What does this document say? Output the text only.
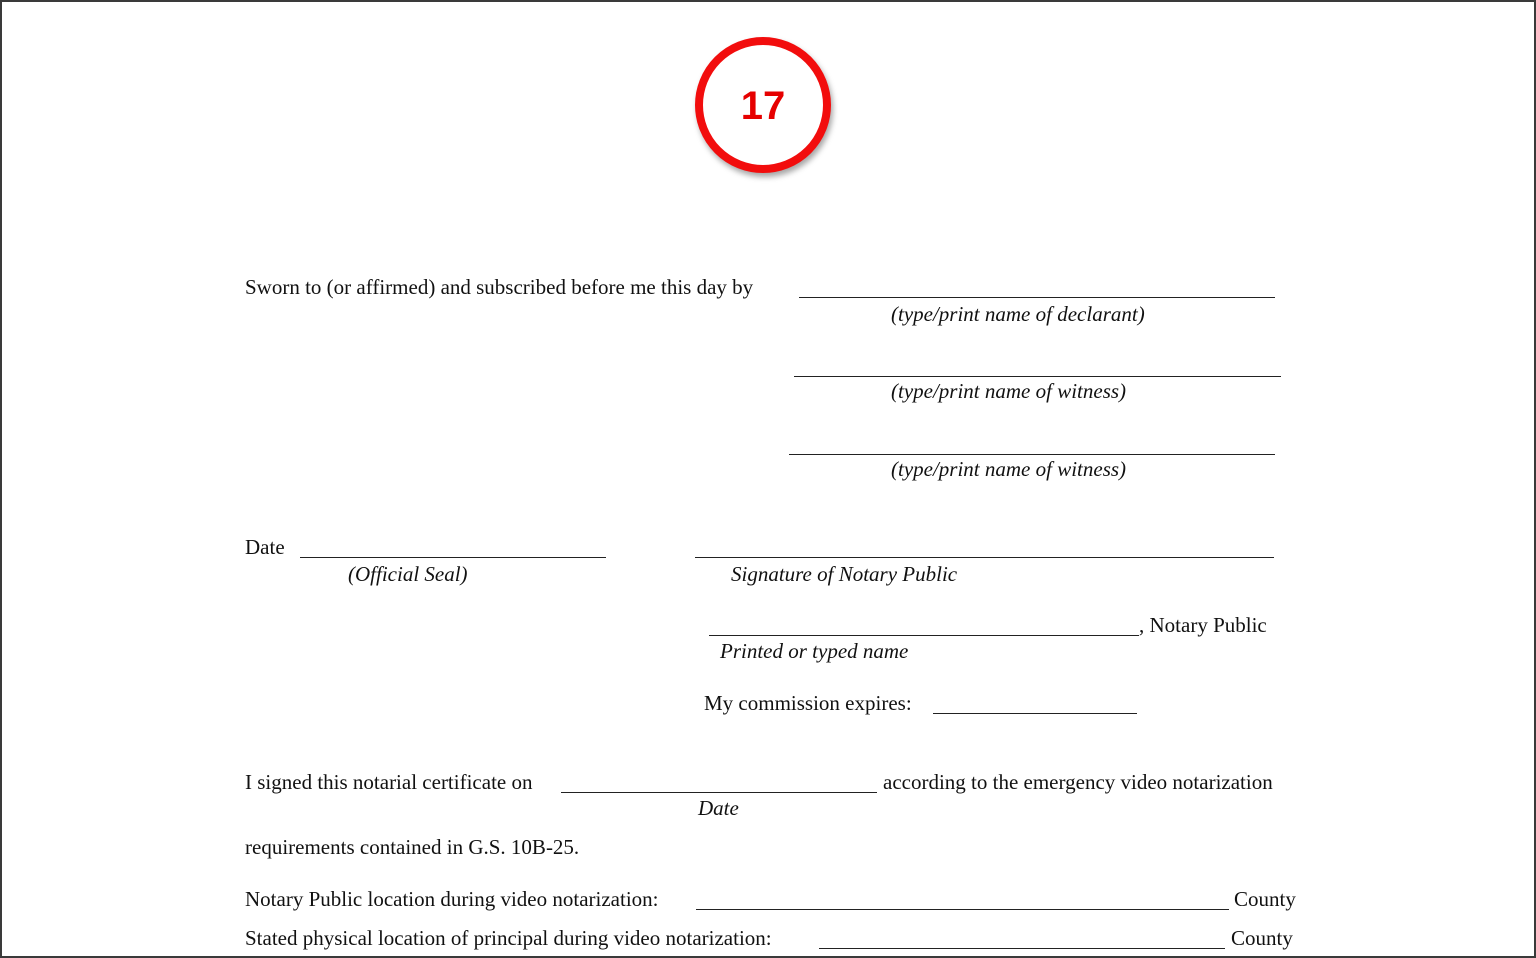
17
Sworn to (or affirmed) and subscribed before me this day by
(type/print name of declarant)
(type/print name of witness)
(type/print name of witness)
Date
(Official Seal)	Signature of Notary Public
, Notary Public
Printed or typed name
My commission expires:
I signed this notarial certificate on	according to the emergency video notarization
Date
requirements contained in G.S. 10B-25.
Notary Public location during video notarization:	County
Stated physical location of principal during video notarization:	County
